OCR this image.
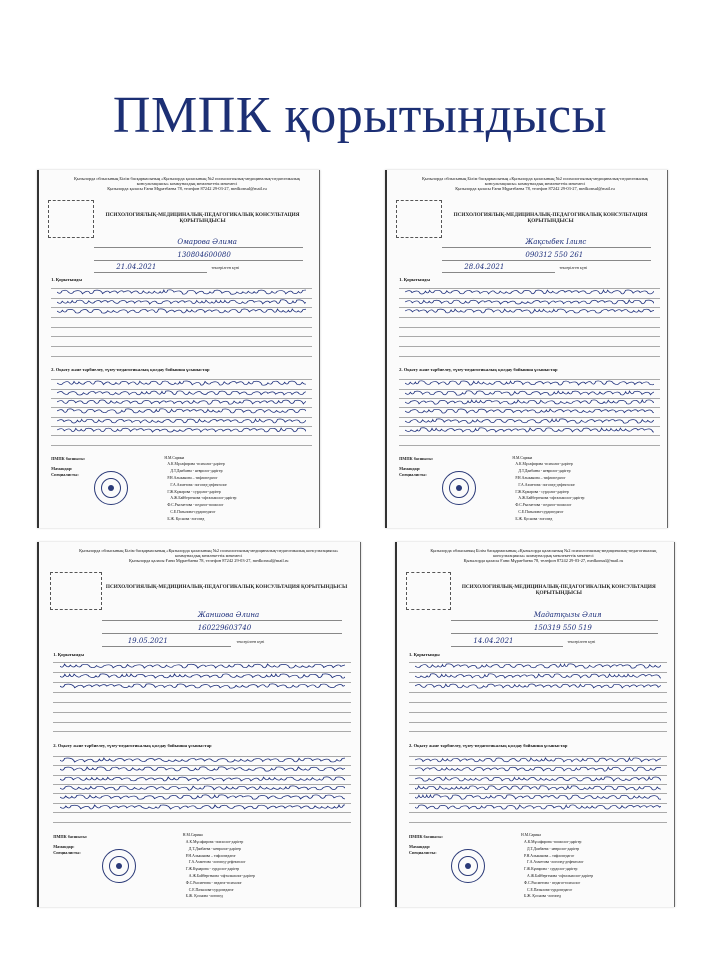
ПМПК қорытындысы
Қызылорда облысының Білім басқармасының «Қызылорда қаласының №2 психологиялық-медициналық-педагогикалық консультациясы» коммуналдық мемлекеттік мекемесі
Қызылорда қаласы Ғани Мұратбаева 78, телефон 87242 29-03-27, medkonsul@mail.ru
ПСИХОЛОГИЯЛЫҚ-МЕДИЦИНАЛЫҚ-ПЕДАГОГИКАЛЫҚ КОНСУЛЬТАЦИЯ ҚОРЫТЫНДЫСЫ
Омарова Әлима
130804600080
21.04.2021	тексерілген күні
1. Қорытынды
2. Оқыту және тәрбиелеу, түзеу-педагогикалық қолдау бойынша ұсыныстар
ПМПК басшысы:
Мамандар:
Специалисты:
Н.М.Сарина
А.К.Мұсафирова -психолог-дәрігер
Д.Т.Даибаева - невролог-дәрігер
Р.Н.Альжанова – тифлопедагог
Г.А.Ахметова -логопед-дефектолог
Г.Ж.Кұмарова - сурдолог-дәрігер
А.Ж.Байбергенова -офтальмолог-дәрігер
Ф.С.Рысметова - педагог-психолог
С.Е.Пазылова-сурдопедагог
Б.Ж. Қоснова -логопед
Қызылорда облысының Білім басқармасының «Қызылорда қаласының №2 психологиялық-медициналық-педагогикалық консультациясы» коммуналдық мемлекеттік мекемесі
Қызылорда қаласы Ғани Мұратбаева 78, телефон 87242 29-03-27, medkonsul@mail.ru
ПСИХОЛОГИЯЛЫҚ-МЕДИЦИНАЛЫҚ-ПЕДАГОГИКАЛЫҚ КОНСУЛЬТАЦИЯ ҚОРЫТЫНДЫСЫ
Жақсыбек Ілияс
090312 550 261
28.04.2021	тексерілген күні
1. Қорытынды
2. Оқыту және тәрбиелеу, түзеу-педагогикалық қолдау бойынша ұсыныстар
ПМПК басшысы:
Мамандар:
Специалисты:
Н.М.Сарина
А.К.Мұсафирова -психолог-дәрігер
Д.Т.Даибаева - невролог-дәрігер
Р.Н.Альжанова – тифлопедагог
Г.А.Ахметова -логопед-дефектолог
Г.Ж.Кұмарова - сурдолог-дәрігер
А.Ж.Байбергенова -офтальмолог-дәрігер
Ф.С.Рысметова - педагог-психолог
С.Е.Пазылова-сурдопедагог
Б.Ж. Қоснова -логопед
Қызылорда облысының Білім басқармасының «Қызылорда қаласының №2 психологиялық-медициналық-педагогикалық консультациясы» коммуналдық мемлекеттік мекемесі
Қызылорда қаласы Ғани Мұратбаева 78, телефон 87242 29-03-27, medkonsul@mail.ru
ПСИХОЛОГИЯЛЫҚ-МЕДИЦИНАЛЫҚ-ПЕДАГОГИКАЛЫҚ КОНСУЛЬТАЦИЯ ҚОРЫТЫНДЫСЫ
Жаншова Әлина
160229603740
19.05.2021	тексерілген күні
1. Қорытынды
2. Оқыту және тәрбиелеу, түзеу-педагогикалық қолдау бойынша ұсыныстар
ПМПК басшысы:
Мамандар:
Специалисты:
Н.М.Сарина
А.К.Мұсафирова -психолог-дәрігер
Д.Т.Даибаева - невролог-дәрігер
Р.Н.Альжанова – тифлопедагог
Г.А.Ахметова -логопед-дефектолог
Г.Ж.Кұмарова - сурдолог-дәрігер
А.Ж.Байбергенова -офтальмолог-дәрігер
Ф.С.Рысметова - педагог-психолог
С.Е.Пазылова-сурдопедагог
Б.Ж. Қоснова -логопед
Қызылорда облысының Білім басқармасының «Қызылорда қаласының №2 психологиялық-медициналық-педагогикалық консультациясы» коммуналдық мемлекеттік мекемесі
Қызылорда қаласы Ғани Мұратбаева 78, телефон 87242 29-03-27, medkonsul@mail.ru
ПСИХОЛОГИЯЛЫҚ-МЕДИЦИНАЛЫҚ-ПЕДАГОГИКАЛЫҚ КОНСУЛЬТАЦИЯ ҚОРЫТЫНДЫСЫ
Мадатқызы Әлия
150319 550 519
14.04.2021	тексерілген күні
1. Қорытынды
2. Оқыту және тәрбиелеу, түзеу-педагогикалық қолдау бойынша ұсыныстар
ПМПК басшысы:
Мамандар:
Специалисты:
Н.М.Сарина
А.К.Мұсафирова -психолог-дәрігер
Д.Т.Даибаева - невролог-дәрігер
Р.Н.Альжанова – тифлопедагог
Г.А.Ахметова -логопед-дефектолог
Г.Ж.Кұмарова - сурдолог-дәрігер
А.Ж.Байбергенова -офтальмолог-дәрігер
Ф.С.Рысметова - педагог-психолог
С.Е.Пазылова-сурдопедагог
Б.Ж. Қоснова -логопед
